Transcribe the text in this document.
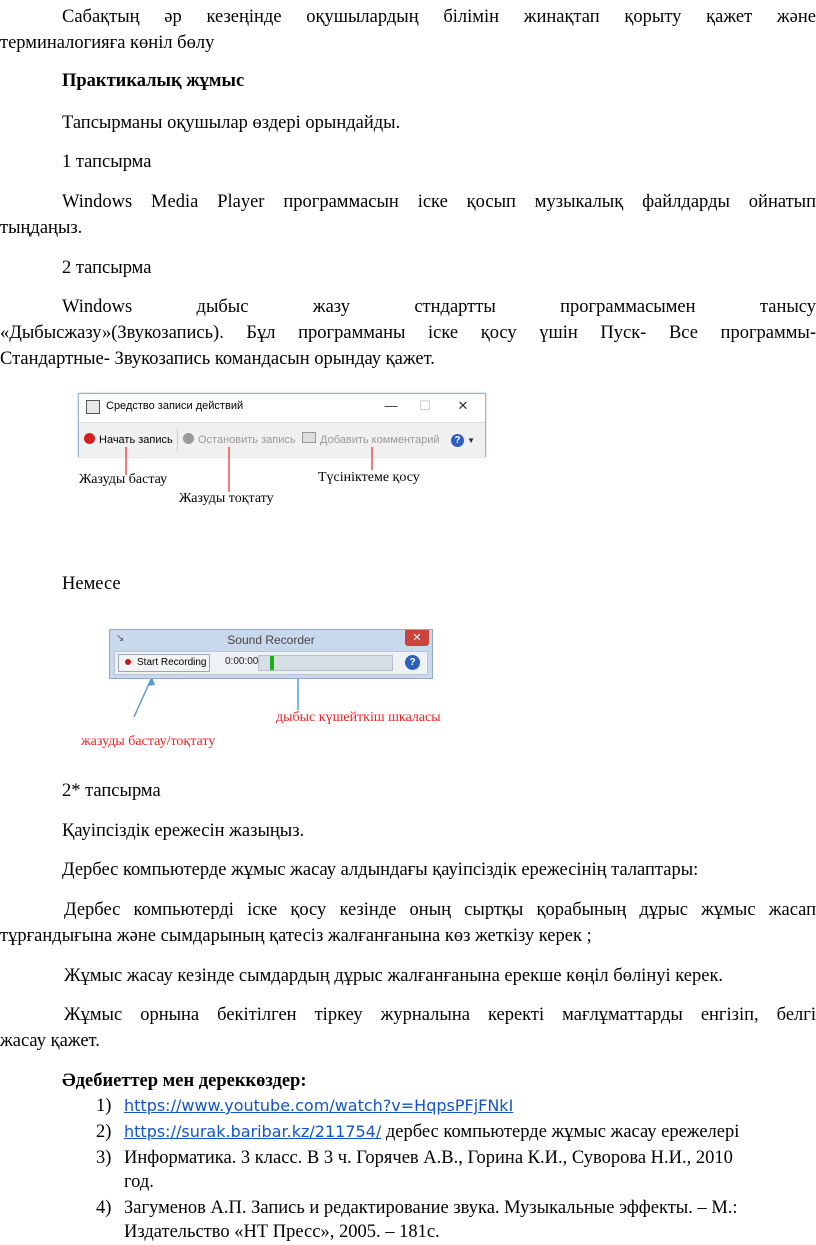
Сабақтың әр кезеңінде оқушылардың білімін жинақтап қорыту қажет және

терминалогияға көнiл бөлу

Практикалық жұмыс

Тапсырманы оқушылар өздері орындайды.

1 тапсырма

Windows Media Player программасын іске қосып музыкалық файлдарды ойнатып

тыңдаңыз.

2 тапсырма

Windows дыбыс жазу стндартты программасымен танысу

«Дыбысжазу»(Звукозапись). Бұл программаны іске қосу үшін Пуск- Все программы-

Стандартные- Звукозапись командасын орындау қажет.

Средство записи действий	—	☐	✕
Начать запись	Остановить запись	Добавить комментарий	? ▼
Жазуды бастау
Жазуды тоқтату
Түсініктеме қосу

Немесе

↘	Sound Recorder	✕
Start Recording	0:00:00	?
дыбыс күшейткіш шкаласы
жазуды бастау/тоқтату

2* тапсырма

Қауіпсіздік ережесін жазыңыз.

Дербес компьютерде жұмыс жасау алдындағы қауіпсіздік ережесінің талаптары:

Дербес компьютерді іске қосу кезінде оның сыртқы қорабының дұрыс жұмыс жасап

тұрғандығына және сымдарының қатесіз жалғанғанына көз жеткізу керек ;

Жұмыс жасау кезінде сымдардың дұрыс жалғанғанына ерекше көңіл бөлінуі керек.

Жұмыс орнына бекітілген тіркеу журналына керекті мағлұматтарды енгізіп, белгі

жасау қажет.

Әдебиеттер мен дереккөздер:

1) https://www.youtube.com/watch?v=HqpsPFjFNkI
2) https://surak.baribar.kz/211754/ дербес компьютерде жұмыс жасау ережелері
3) Информатика. 3 класс. В 3 ч. Горячев А.В., Горина К.И., Суворова Н.И., 2010
год.
4) Загуменов А.П. Запись и редактирование звука. Музыкальные эффекты. – М.:
Издательство «НТ Пресс», 2005. – 181с.
